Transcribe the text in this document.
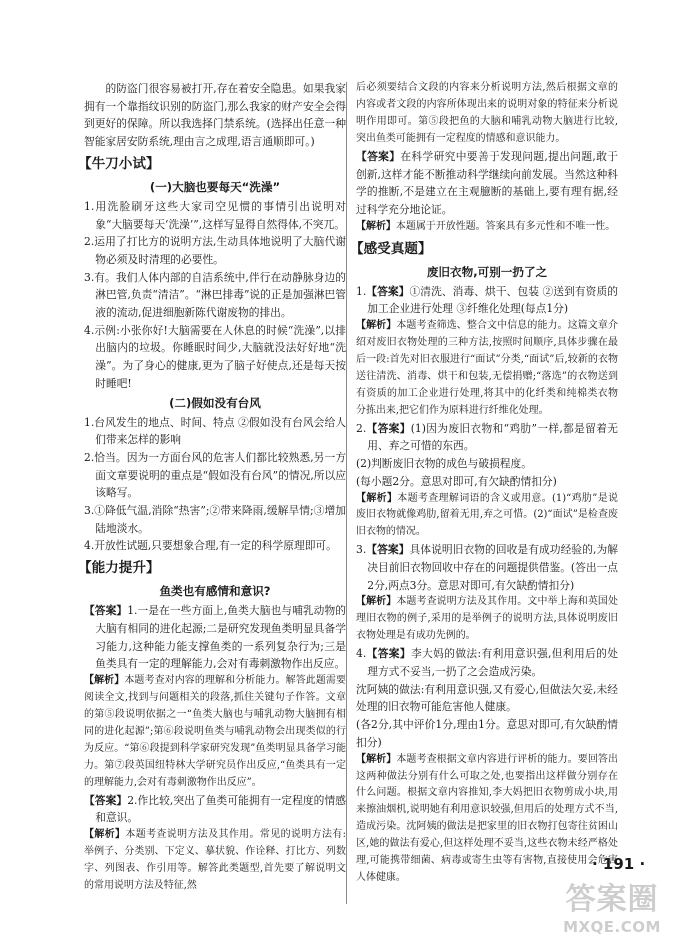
的防盗门很容易被打开,存在着安全隐患。如果我家拥有一个靠指纹识别的防盗门,那么我家的财产安全会得到更好的保障。所以我选择门禁系统。(选择出任意一种智能家居安防系统,理由言之成理,语言通顺即可。)

【牛刀小试】
(一)大脑也要每天“洗澡”

1.用洗脸刷牙这些大家司空见惯的事情引出说明对象“大脑要每天‘洗澡’”,这样写显得自然得体,不突兀。

2.运用了打比方的说明方法,生动具体地说明了大脑代谢物必须及时清理的必要性。

3.有。我们人体内部的自洁系统中,伴行在动静脉身边的淋巴管,负责“清洁”。“淋巴排毒”说的正是加强淋巴管液的流动,促进细胞新陈代谢废物的排出。

4.示例:小张你好!大脑需要在人休息的时候“洗澡”,以排出脑内的垃圾。你睡眠时间少,大脑就没法好好地“洗澡”。为了身心的健康,更为了脑子好使点,还是每天按时睡吧!

(二)假如没有台风

1.台风发生的地点、时间、特点 ②假如没有台风会给人们带来怎样的影响

2.恰当。因为一方面台风的危害人们都比较熟悉,另一方面文章要说明的重点是“假如没有台风”的情况,所以应该略写。

3.①降低气温,消除“热害”;②带来降雨,缓解旱情;③增加陆地淡水。

4.开放性试题,只要想象合理,有一定的科学原理即可。

【能力提升】
鱼类也有感情和意识?

【答案】1.一是在一些方面上,鱼类大脑也与哺乳动物的大脑有相同的进化起源;二是研究发现鱼类明显具备学习能力,这种能力能支撑鱼类的一系列复杂行为;三是鱼类具有一定的理解能力,会对有毒刺激物作出反应。

【解析】本题考查对内容的理解和分析能力。解答此题需要阅读全文,找到与问题相关的段落,抓住关键句子作答。文章的第⑤段说明依据之一“鱼类大脑也与哺乳动物大脑拥有相同的进化起源”;第⑥段说明鱼类与哺乳动物会出现类似的行为反应。“第⑥段提到科学家研究发现”鱼类明显具备学习能力。第⑦段英国纽特林大学研究员作出反应,“鱼类具有一定的理解能力,会对有毒刺激物作出反应”。

【答案】2.作比较,突出了鱼类可能拥有一定程度的情感和意识。

【解析】本题考查说明方法及其作用。常见的说明方法有:举例子、分类别、下定义、摹状貌、作诠释、打比方、列数字、列图表、作引用等。解答此类题型,首先要了解说明文的常用说明方法及特征,然

后必须要结合文段的内容来分析说明方法,然后根据文章的内容或者文段的内容所体现出来的说明对象的特征来分析说明作用即可。第⑤段把鱼的大脑和哺乳动物大脑进行比较,突出鱼类可能拥有一定程度的情感和意识能力。

【答案】在科学研究中要善于发现问题,提出问题,敢于创新,这样才能不断推动科学继续向前发展。当然这种科学的推断,不是建立在主观臆断的基础上,要有理有据,经过科学充分地论证。

【解析】本题属于开放性题。答案具有多元性和不唯一性。

【感受真题】
废旧衣物,可别一扔了之

1.【答案】①清洗、消毒、烘干、包装 ②送到有资质的加工企业进行处理 ③纤维化处理(每点1分)

【解析】本题考查筛选、整合文中信息的能力。这篇文章介绍对废旧衣物处理的三种方法,按照时间顺序,具体步骤在最后一段:首先对旧衣服进行“面试”分类,“面试”后,较新的衣物送往清洗、消毒、烘干和包装,无偿捐赠;“落选”的衣物送到有资质的加工企业进行处理,将其中的化纤类和纯棉类衣物分拣出来,把它们作为原料进行纤维化处理。

2.【答案】(1)因为废旧衣物和“鸡肋”一样,都是留着无用、弃之可惜的东西。

(2)判断废旧衣物的成色与破损程度。

(每小题2分。意思对即可,有欠缺酌情扣分)

【解析】本题考查理解词语的含义或用意。(1)“鸡肋”是说废旧衣物就像鸡肋,留着无用,弃之可惜。(2)“面试”是检查废旧衣物的情况。

3.【答案】具体说明旧衣物的回收是有成功经验的,为解决目前旧衣物回收中存在的问题提供借鉴。(答出一点2分,两点3分。意思对即可,有欠缺酌情扣分)

【解析】本题考查说明方法及其作用。文中举上海和英国处理旧衣物的例子,采用的是举例子的说明方法,具体说明废旧衣物处理是有成功先例的。

4.【答案】李大妈的做法:有利用意识强,但利用后的处理方式不妥当,一扔了之会造成污染。

沈阿姨的做法:有利用意识强,又有爱心,但做法欠妥,未经处理的旧衣物可能危害他人健康。

(各2分,其中评价1分,理由1分。意思对即可,有欠缺酌情扣分)

【解析】本题考查根据文章内容进行评析的能力。要回答出这两种做法分别有什么可取之处,也要指出这样做分别存在什么问题。根据文章内容推知,李大妈把旧衣物剪成小块,用来擦油烟机,说明她有利用意识较强,但用后的处理方式不当,造成污染。沈阿姨的做法是把家里的旧衣物打包寄往贫困山区,她的做法有爱心,但这样处理不妥当,这些衣物未经严格处理,可能携带细菌、病毒或寄生虫等有害物,直接使用会危害人体健康。

· 191 ·
答案圈
MXQE.COM
